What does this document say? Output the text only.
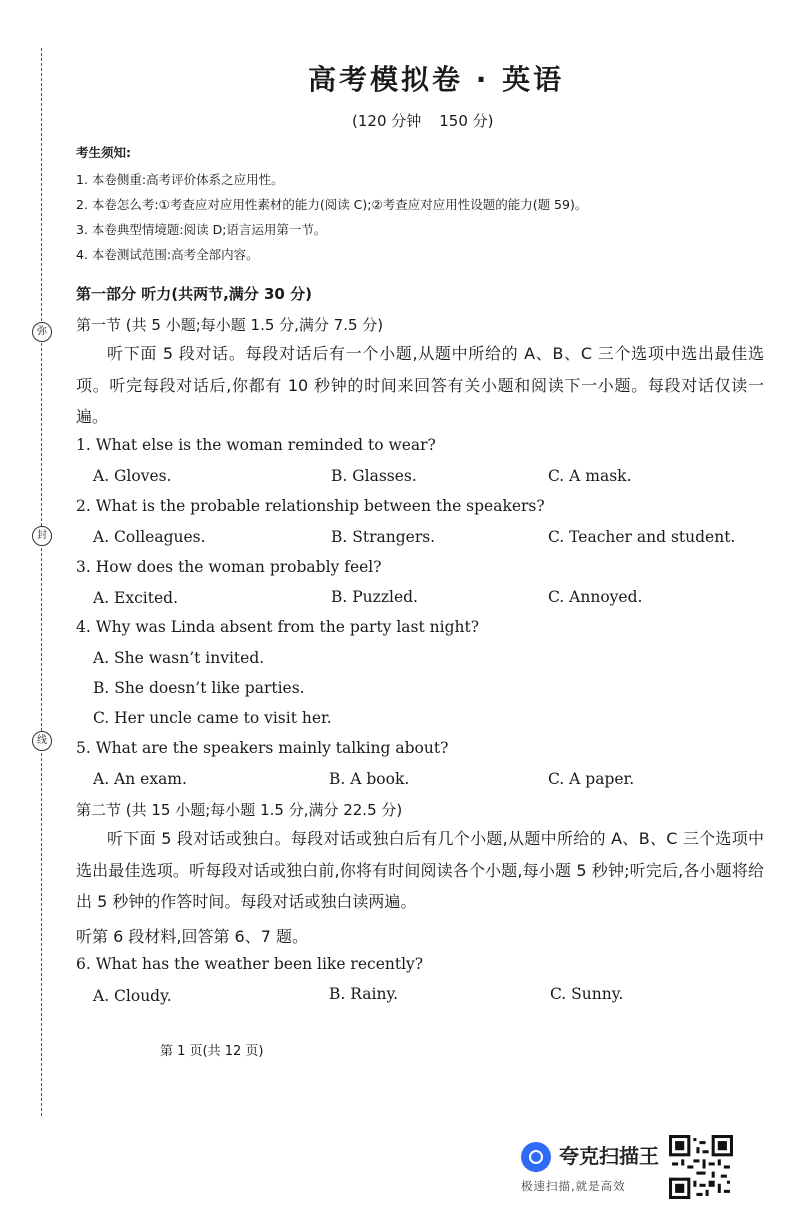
弥
封
线
高考模拟卷 · 英语
(120 分钟 150 分)
考生须知:
1. 本卷侧重:高考评价体系之应用性。
2. 本卷怎么考:①考查应对应用性素材的能力(阅读 C);②考查应对应用性设题的能力(题 59)。
3. 本卷典型情境题:阅读 D;语言运用第一节。
4. 本卷测试范围:高考全部内容。
第一部分 听力(共两节,满分 30 分)
第一节 (共 5 小题;每小题 1.5 分,满分 7.5 分)
听下面 5 段对话。每段对话后有一个小题,从题中所给的 A、B、C 三个选项中选出最佳选项。听完每段对话后,你都有 10 秒钟的时间来回答有关小题和阅读下一小题。每段对话仅读一遍。
1. What else is the woman reminded to wear?
A. Gloves.	B. Glasses.	C. A mask.
2. What is the probable relationship between the speakers?
A. Colleagues.	B. Strangers.	C. Teacher and student.
3. How does the woman probably feel?
A. Excited.	B. Puzzled.	C. Annoyed.
4. Why was Linda absent from the party last night?
A. She wasn’t invited.
B. She doesn’t like parties.
C. Her uncle came to visit her.
5. What are the speakers mainly talking about?
A. An exam.	B. A book.	C. A paper.
第二节 (共 15 小题;每小题 1.5 分,满分 22.5 分)
听下面 5 段对话或独白。每段对话或独白后有几个小题,从题中所给的 A、B、C 三个选项中选出最佳选项。听每段对话或独白前,你将有时间阅读各个小题,每小题 5 秒钟;听完后,各小题将给出 5 秒钟的作答时间。每段对话或独白读两遍。
听第 6 段材料,回答第 6、7 题。
6. What has the weather been like recently?
A. Cloudy.	B. Rainy.	C. Sunny.
第 1 页(共 12 页)
夸克扫描王
极速扫描,就是高效
